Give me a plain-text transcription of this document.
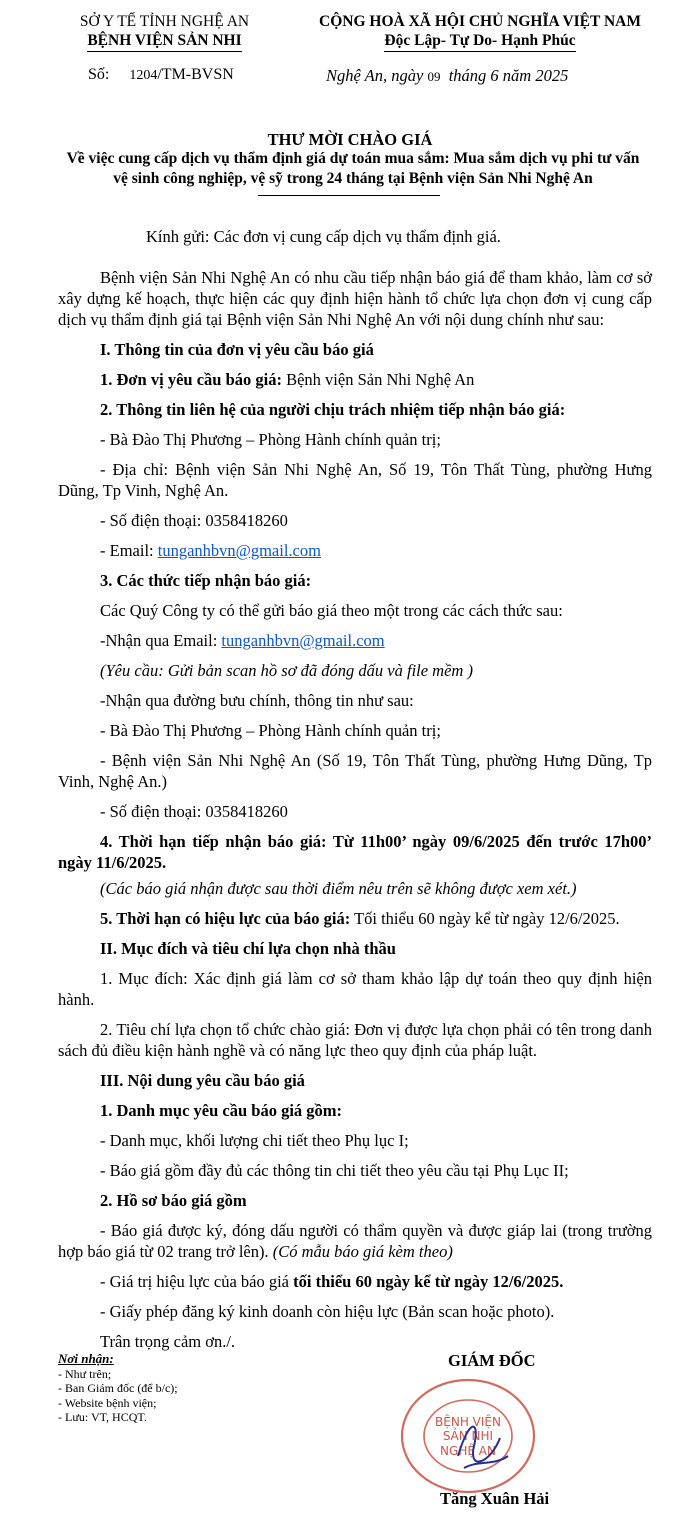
SỞ Y TẾ TỈNH NGHỆ AN
BỆNH VIỆN SẢN NHI
CỘNG HOÀ XÃ HỘI CHỦ NGHĨA VIỆT NAM
Độc Lập- Tự Do- Hạnh Phúc
Số: 1204/TM-BVSN	Nghệ An, ngày 09 tháng 6 năm 2025
THƯ MỜI CHÀO GIÁ
Về việc cung cấp dịch vụ thẩm định giá dự toán mua sắm: Mua sắm dịch vụ phi tư vấn vệ sinh công nghiệp, vệ sỹ trong 24 tháng tại Bệnh viện Sản Nhi Nghệ An

Kính gửi: Các đơn vị cung cấp dịch vụ thẩm định giá.

Bệnh viện Sản Nhi Nghệ An có nhu cầu tiếp nhận báo giá để tham khảo, làm cơ sở xây dựng kế hoạch, thực hiện các quy định hiện hành tổ chức lựa chọn đơn vị cung cấp dịch vụ thẩm định giá tại Bệnh viện Sản Nhi Nghệ An với nội dung chính như sau:

I. Thông tin của đơn vị yêu cầu báo giá

1. Đơn vị yêu cầu báo giá: Bệnh viện Sản Nhi Nghệ An

2. Thông tin liên hệ của người chịu trách nhiệm tiếp nhận báo giá:

- Bà Đào Thị Phương – Phòng Hành chính quản trị;

- Địa chỉ: Bệnh viện Sản Nhi Nghệ An, Số 19, Tôn Thất Tùng, phường Hưng Dũng, Tp Vinh, Nghệ An.

- Số điện thoại: 0358418260

- Email: tunganhbvn@gmail.com

3. Các thức tiếp nhận báo giá:

Các Quý Công ty có thể gửi báo giá theo một trong các cách thức sau:

-Nhận qua Email: tunganhbvn@gmail.com

(Yêu cầu: Gửi bản scan hồ sơ đã đóng dấu và file mềm )

-Nhận qua đường bưu chính, thông tin như sau:

- Bà Đào Thị Phương – Phòng Hành chính quản trị;

- Bệnh viện Sản Nhi Nghệ An (Số 19, Tôn Thất Tùng, phường Hưng Dũng, Tp Vinh, Nghệ An.)

- Số điện thoại: 0358418260

4. Thời hạn tiếp nhận báo giá: Từ 11h00’ ngày 09/6/2025 đến trước 17h00’ ngày 11/6/2025.

(Các báo giá nhận được sau thời điểm nêu trên sẽ không được xem xét.)

5. Thời hạn có hiệu lực của báo giá: Tối thiểu 60 ngày kể từ ngày 12/6/2025.

II. Mục đích và tiêu chí lựa chọn nhà thầu

1. Mục đích: Xác định giá làm cơ sở tham khảo lập dự toán theo quy định hiện hành.

2. Tiêu chí lựa chọn tổ chức chào giá: Đơn vị được lựa chọn phải có tên trong danh sách đủ điều kiện hành nghề và có năng lực theo quy định của pháp luật.

III. Nội dung yêu cầu báo giá

1. Danh mục yêu cầu báo giá gồm:

- Danh mục, khối lượng chi tiết theo Phụ lục I;

- Báo giá gồm đầy đủ các thông tin chi tiết theo yêu cầu tại Phụ Lục II;

2. Hồ sơ báo giá gồm

- Báo giá được ký, đóng dấu người có thẩm quyền và được giáp lai (trong trường hợp báo giá từ 02 trang trở lên). (Có mẫu báo giá kèm theo)

- Giá trị hiệu lực của báo giá tối thiểu 60 ngày kể từ ngày 12/6/2025.

- Giấy phép đăng ký kinh doanh còn hiệu lực (Bản scan hoặc photo).

Trân trọng cảm ơn./.

Nơi nhận:
- Như trên;
- Ban Giám đốc (để b/c);
- Website bệnh viện;
- Lưu: VT, HCQT.
GIÁM ĐỐC
BỆNH VIỆN
SẢN NHI
NGHỆ AN
Tăng Xuân Hải
